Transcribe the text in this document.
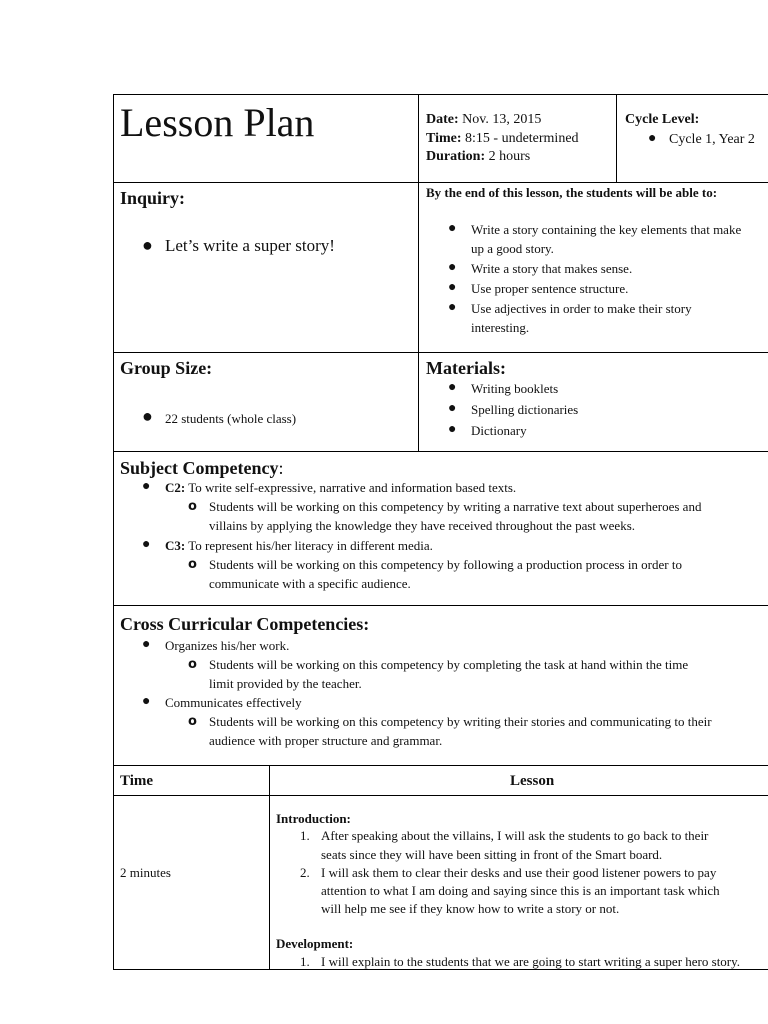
Lesson Plan	Date: Nov. 13, 2015
Time: 8:15 - undetermined
Duration: 2 hours
Cycle Level:
● Cycle 1, Year 2
Inquiry:
● Let’s write a super story!
By the end of this lesson, the students will be able to:
● Write a story containing the key elements that make
up a good story.
● Write a story that makes sense.
● Use proper sentence structure.
● Use adjectives in order to make their story
interesting.
Group Size:
● 22 students (whole class)
Materials:
● Writing booklets
● Spelling dictionaries
● Dictionary
Subject Competency:
● C2: To write self-expressive, narrative and information based texts.
o Students will be working on this competency by writing a narrative text about superheroes and
villains by applying the knowledge they have received throughout the past weeks.
● C3: To represent his/her literacy in different media.
o Students will be working on this competency by following a production process in order to
communicate with a specific audience.
Cross Curricular Competencies:
● Organizes his/her work.
o Students will be working on this competency by completing the task at hand within the time
limit provided by the teacher.
● Communicates effectively
o Students will be working on this competency by writing their stories and communicating to their
audience with proper structure and grammar.
Time	Lesson
2 minutes
Introduction:
1. After speaking about the villains, I will ask the students to go back to their
seats since they will have been sitting in front of the Smart board.
2. I will ask them to clear their desks and use their good listener powers to pay
attention to what I am doing and saying since this is an important task which
will help me see if they know how to write a story or not.
Development:
1. I will explain to the students that we are going to start writing a super hero story.
